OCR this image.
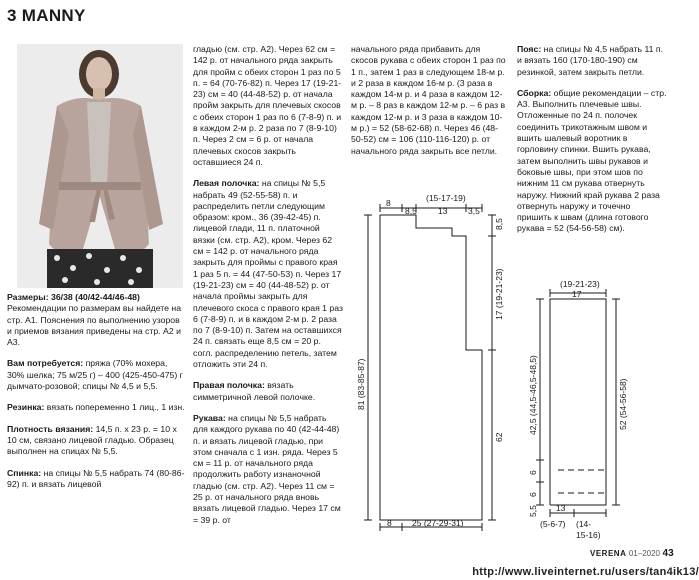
3 MANNY

Размеры: 36/38 (40/42-44/46-48)

Рекомендации по размерам вы найдете на стр. А1. Пояснения по выполнению узоров и приемов вязания приведены на стр. А2 и А3.

Вам потребуется: пряжа (70% мохера, 30% шелка; 75 м/25 г) – 400 (425-450-475) г дымчато-розовой; спицы № 4,5 и 5,5.

Резинка: вязать попеременно 1 лиц., 1 изн.

Плотность вязания: 14,5 п. х 23 р. = 10 х 10 см, связано лицевой гладью. Образец выполнен на спицах № 5,5.

Спинка: на спицы № 5,5 набрать 74 (80-86-92) п. и вязать лицевой

гладью (см. стр. А2). Через 62 см = 142 р. от начального ряда закрыть для пройм с обеих сторон 1 раз по 5 п. = 64 (70-76-82) п. Через 17 (19-21-23) см = 40 (44-48-52) р. от начала пройм закрыть для плечевых скосов с обеих сторон 1 раз по 6 (7-8-9) п. и в каждом 2-м р. 2 раза по 7 (8-9-10) п. Через 2 см = 6 р. от начала плечевых скосов закрыть оставшиеся 24 п.

Левая полочка: на спицы № 5,5 набрать 49 (52-55-58) п. и распределить петли следующим образом: кром., 36 (39-42-45) п. лицевой глади, 11 п. платочной вязки (см. стр. А2), кром. Через 62 см = 142 р. от начального ряда закрыть для проймы с правого края 1 раз 5 п. = 44 (47-50-53) п. Через 17 (19-21-23) см = 40 (44-48-52) р. от начала проймы закрыть для плечевого скоса с правого края 1 раз 6 (7-8-9) п. и в каждом 2-м р. 2 раза по 7 (8-9-10) п. Затем на оставшихся 24 п. связать еще 8,5 см = 20 р. согл. распределению петель, затем отложить эти 24 п.

Правая полочка: вязать симметричной левой полочке.

Рукава: на спицы № 5,5 набрать для каждого рукава по 40 (42-44-48) п. и вязать лицевой гладью, при этом сначала с 1 изн. ряда. Через 5 см = 11 р. от начального ряда продолжить работу изнаночной гладью (см. стр. А2). Через 11 см = 25 р. от начального ряда вновь вязать лицевой гладью. Через 17 см = 39 р. от

начального ряда прибавить для скосов рукава с обеих сторон 1 раз по 1 п., затем 1 раз в следующем 18-м р. и 2 раза в каждом 16-м р. (3 раза в каждом 14-м р. и 4 раза в каждом 12-м р. – 8 раз в каждом 12-м р. – 6 раз в каждом 12-м р. и 3 раза в каждом 10-м р.) = 52 (58-62-68) п. Через 46 (48-50-52) см = 106 (110-116-120) р. от начального ряда закрыть все петли.

Пояс: на спицы № 4,5 набрать 11 п. и вязать 160 (170-180-190) см резинкой, затем закрыть петли.

Сборка: общие рекомендации – стр. А3. Выполнить плечевые швы. Отложенные по 24 п. полочек соединить трикотажным швом и вшить шалевый воротник в горловину спинки. Вшить рукава, затем выполнить швы рукавов и боковые швы, при этом шов по нижним 11 см рукава отвернуть наружу. Нижний край рукава 2 раза отвернуть наружу и точечно пришить к швам (длина готового рукава = 52 (54-56-58) см).

8
8,5
(15-17-19)
13 3,5
8,5
17 (19-21-23)
62
81 (83-85-87)
8 25 (27-29-31)
(19-21-23)
17
42,5 (44,5-46,5-48,5)
6
6
5,5
52 (54-56-58)
13
(5-6-7) (14-
15-16)
VERENA 01–2020 43
http://www.liveinternet.ru/users/tan4ik13/
